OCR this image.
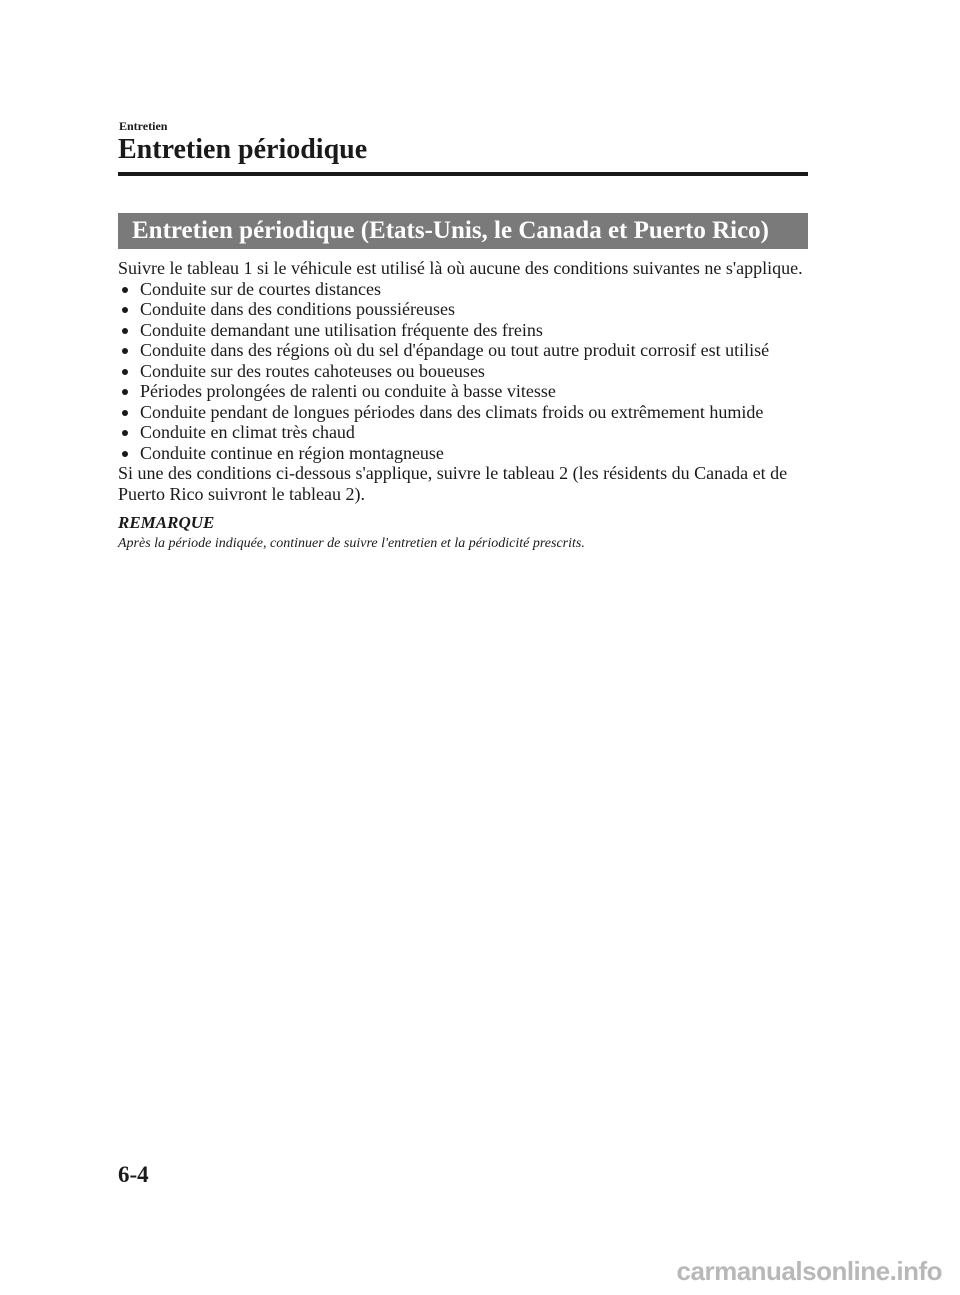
Entretien
Entretien périodique
Entretien périodique (Etats-Unis, le Canada et Puerto Rico)

Suivre le tableau 1 si le véhicule est utilisé là où aucune des conditions suivantes ne s'applique.

Conduite sur de courtes distances
Conduite dans des conditions poussiéreuses
Conduite demandant une utilisation fréquente des freins
Conduite dans des régions où du sel d'épandage ou tout autre produit corrosif est utilisé
Conduite sur des routes cahoteuses ou boueuses
Périodes prolongées de ralenti ou conduite à basse vitesse
Conduite pendant de longues périodes dans des climats froids ou extrêmement humide
Conduite en climat très chaud
Conduite continue en région montagneuse

Si une des conditions ci-dessous s'applique, suivre le tableau 2 (les résidents du Canada et de Puerto Rico suivront le tableau 2).

REMARQUE

Après la période indiquée, continuer de suivre l'entretien et la périodicité prescrits.

6-4
carmanualsonline.info
